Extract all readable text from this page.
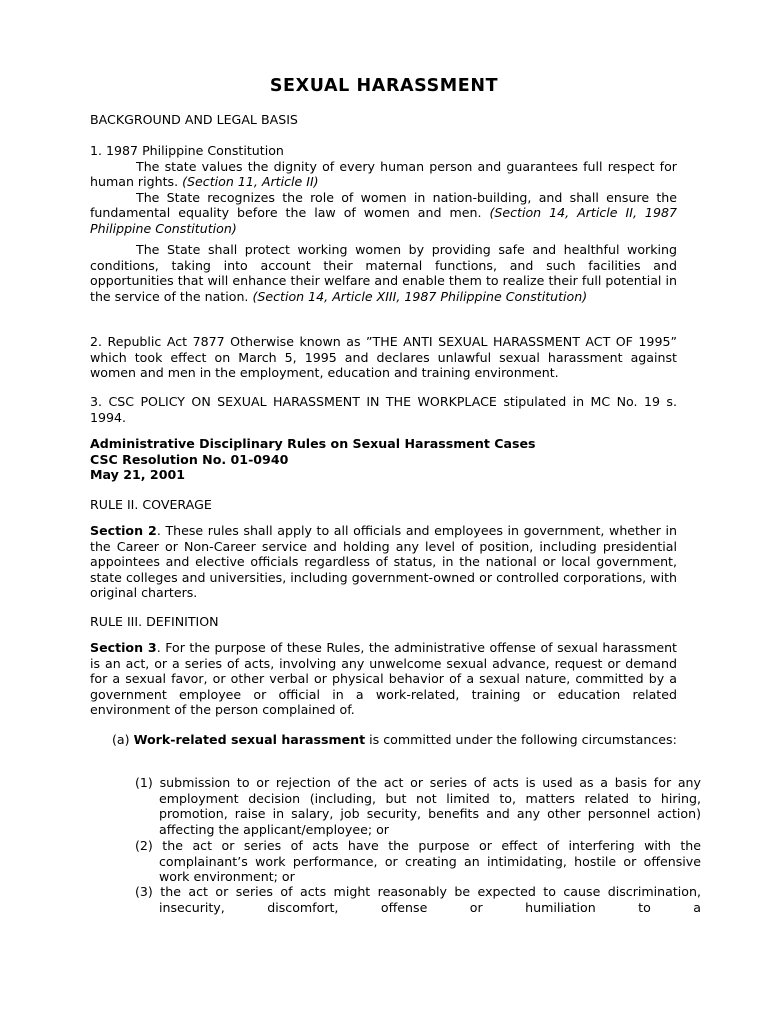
SEXUAL HARASSMENT
BACKGROUND AND LEGAL BASIS

1. 1987 Philippine Constitution

The state values the dignity of every human person and guarantees full respect for human rights. (Section 11, Article II)

The State recognizes the role of women in nation-building, and shall ensure the fundamental equality before the law of women and men. (Section 14, Article II, 1987 Philippine Constitution)

The State shall protect working women by providing safe and healthful working conditions, taking into account their maternal functions, and such facilities and opportunities that will enhance their welfare and enable them to realize their full potential in the service of the nation. (Section 14, Article XIII, 1987 Philippine Constitution)

2. Republic Act 7877 Otherwise known as ”THE ANTI SEXUAL HARASSMENT ACT OF 1995” which took effect on March 5, 1995 and declares unlawful sexual harassment against women and men in the employment, education and training environment.
3. CSC POLICY ON SEXUAL HARASSMENT IN THE WORKPLACE stipulated in MC No. 19 s. 1994.

Administrative Disciplinary Rules on Sexual Harassment Cases

CSC Resolution No. 01-0940

May 21, 2001

RULE II. COVERAGE
Section 2. These rules shall apply to all officials and employees in government, whether in the Career or Non-Career service and holding any level of position, including presidential appointees and elective officials regardless of status, in the national or local government, state colleges and universities, including government-owned or controlled corporations, with original charters.
RULE III. DEFINITION
Section 3. For the purpose of these Rules, the administrative offense of sexual harassment is an act, or a series of acts, involving any unwelcome sexual advance, request or demand for a sexual favor, or other verbal or physical behavior of a sexual nature, committed by a government employee or official in a work-related, training or education related environment of the person complained of.
(a) Work-related sexual harassment is committed under the following circumstances:
(1) submission to or rejection of the act or series of acts is used as a basis for any employment decision (including, but not limited to, matters related to hiring, promotion, raise in salary, job security, benefits and any other personnel action) affecting the applicant/employee; or
(2) the act or series of acts have the purpose or effect of interfering with the complainant’s work performance, or creating an intimidating, hostile or offensive work environment; or
(3) the act or series of acts might reasonably be expected to cause discrimination, insecurity, discomfort, offense or humiliation to a
